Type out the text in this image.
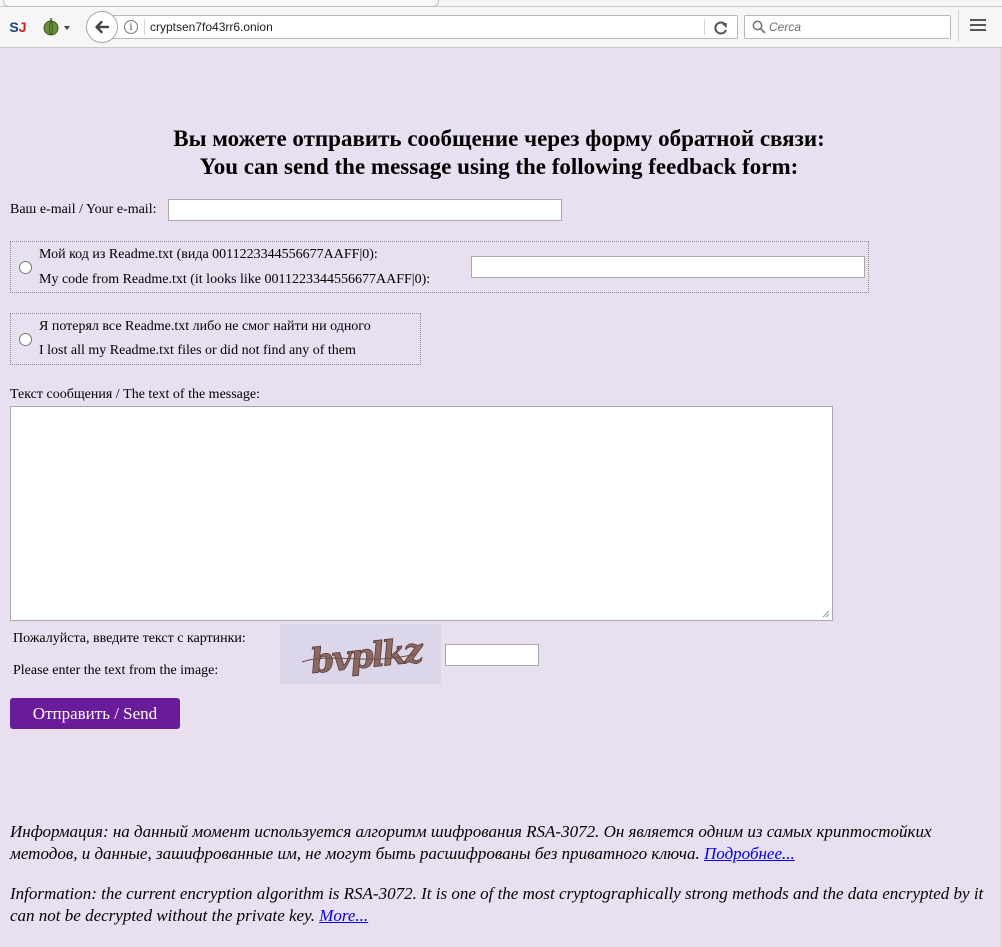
S J	i	cryptsen7fo43rr6.onion
Cerca
Вы можете отправить сообщение через форму обратной связи:
You can send the message using the following feedback form:
Ваш e-mail / Your e-mail:
Мой код из Readme.txt (вида 0011223344556677AAFF|0):
My code from Readme.txt (it looks like 0011223344556677AAFF|0):
Я потерял все Readme.txt либо не смог найти ни одного
I lost all my Readme.txt files or did not find any of them
Текст сообщения / The text of the message:
Пожалуйста, введите текст с картинки:
Please enter the text from the image:	bvplkz
Отправить / Send

Информация: на данный момент используется алгоритм шифрования RSA-3072. Он является одним из самых криптостойких методов, и данные, зашифрованные им, не могут быть расшифрованы без приватного ключа. Подробнее...

Information: the current encryption algorithm is RSA-3072. It is one of the most cryptographically strong methods and the data encrypted by it can not be decrypted without the private key. More...
